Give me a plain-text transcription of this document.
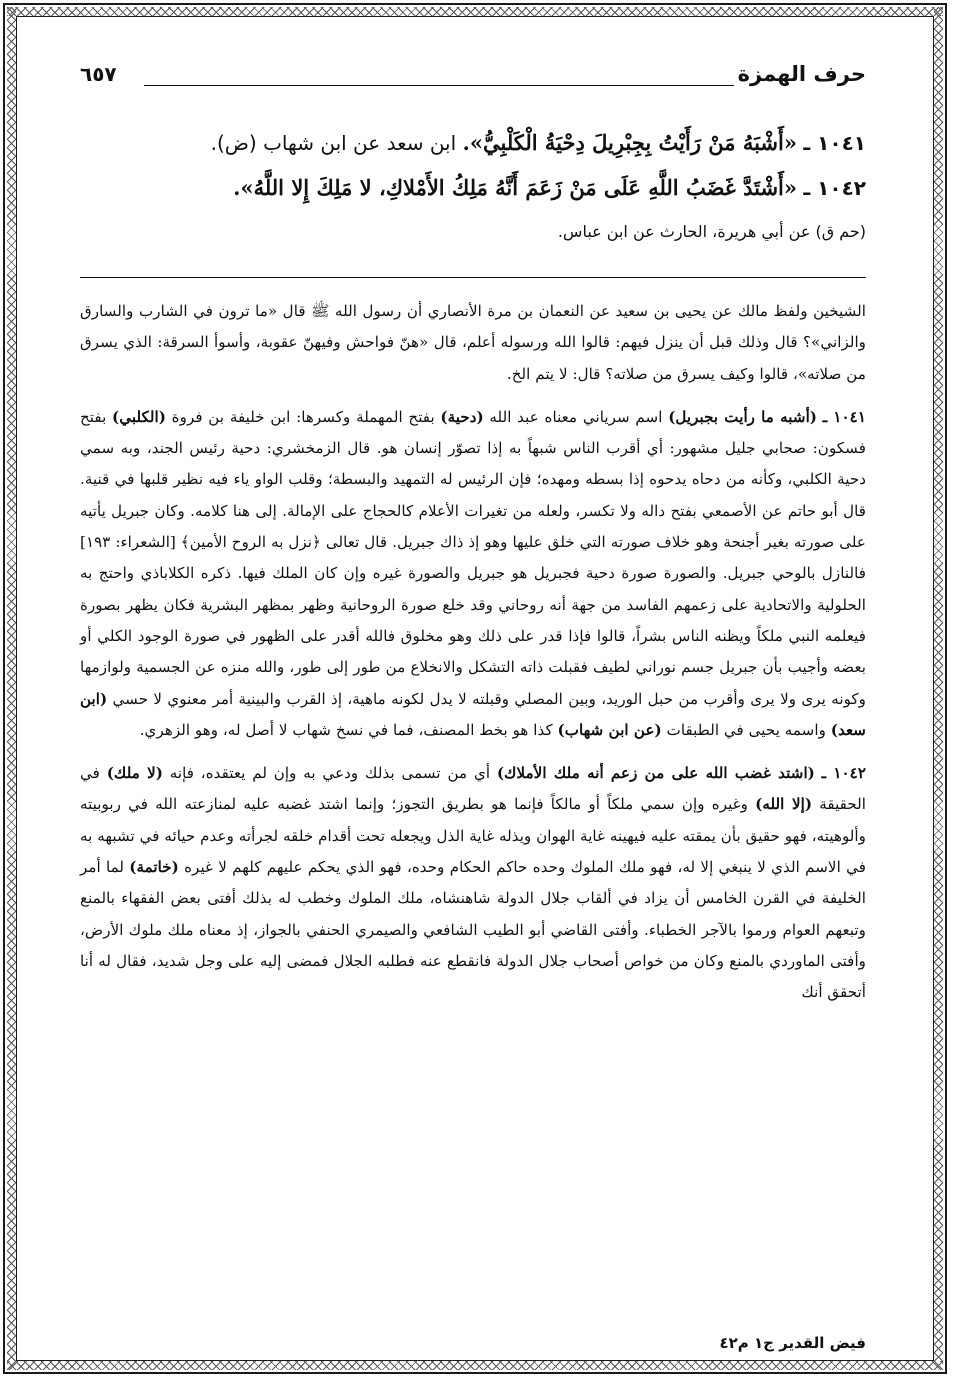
حرف الهمزة
٦٥٧
١٠٤١ ـ «أَشْبَهُ مَنْ رَأَيْتُ بِجِبْرِيلَ دِحْيَةُ الْكَلْبِيُّ». ابن سعد عن ابن شهاب (ض).
١٠٤٢ ـ «أَشْتَدَّ غَضَبُ اللَّهِ عَلَى مَنْ زَعَمَ أَنَّهُ مَلِكُ الأَمْلاكِ، لا مَلِكَ إِلا اللَّهُ».
(حم ق) عن أبي هريرة، الحارث عن ابن عباس.

الشيخين ولفظ مالك عن يحيى بن سعيد عن النعمان بن مرة الأنصاري أن رسول الله ﷺ قال «ما ترون في الشارب والسارق والزاني»؟ قال وذلك قبل أن ينزل فيهم: قالوا الله ورسوله أعلم، قال «هنّ فواحش وفيهنّ عقوبة، وأسوأ السرقة: الذي يسرق من صلاته»، قالوا وكيف يسرق من صلاته؟ قال: لا يتم الخ.

١٠٤١ ـ (أشبه ما رأيت بجبريل) اسم سرياني معناه عبد الله (دحية) بفتح المهملة وكسرها: ابن خليفة بن فروة (الكلبي) بفتح فسكون: صحابي جليل مشهور: أي أقرب الناس شبهاً به إذا تصوّر إنسان هو. قال الزمخشري: دحية رئيس الجند، وبه سمي دحية الكلبي، وكأنه من دحاه يدحوه إذا بسطه ومهده؛ فإن الرئيس له التمهيد والبسطة؛ وقلب الواو ياء فيه نظير قلبها في قنية. قال أبو حاتم عن الأصمعي بفتح داله ولا تكسر، ولعله من تغيرات الأعلام كالحجاج على الإمالة. إلى هنا كلامه. وكان جبريل يأتيه على صورته بغير أجنحة وهو خلاف صورته التي خلق عليها وهو إذ ذاك جبريل. قال تعالى ﴿نزل به الروح الأمين﴾ [الشعراء: ١٩٣] فالنازل بالوحي جبريل. والصورة صورة دحية فجبريل هو جبريل والصورة غيره وإن كان الملك فيها. ذكره الكلاباذي واحتج به الحلولية والاتحادية على زعمهم الفاسد من جهة أنه روحاني وقد خلع صورة الروحانية وظهر بمظهر البشرية فكان يظهر بصورة فيعلمه النبي ملكاً ويظنه الناس بشراً، قالوا فإذا قدر على ذلك وهو مخلوق فالله أقدر على الظهور في صورة الوجود الكلي أو بعضه وأجيب بأن جبريل جسم نوراني لطيف فقبلت ذاته التشكل والانخلاع من طور إلى طور، والله منزه عن الجسمية ولوازمها وكونه يرى ولا يرى وأقرب من حبل الوريد، وبين المصلي وقبلته لا يدل لكونه ماهية، إذ القرب والبينية أمر معنوي لا حسي (ابن سعد) واسمه يحيى في الطبقات (عن ابن شهاب) كذا هو بخط المصنف، فما في نسخ شهاب لا أصل له، وهو الزهري.

١٠٤٢ ـ (اشتد غضب الله على من زعم أنه ملك الأملاك) أي من تسمى بذلك ودعي به وإن لم يعتقده، فإنه (لا ملك) في الحقيقة (إلا الله) وغيره وإن سمي ملكاً أو مالكاً فإنما هو بطريق التجوز؛ وإنما اشتد غضبه عليه لمنازعته الله في ربوبيته وألوهيته، فهو حقيق بأن يمقته عليه فيهينه غاية الهوان ويذله غاية الذل ويجعله تحت أقدام خلقه لجرأته وعدم حيائه في تشبهه به في الاسم الذي لا ينبغي إلا له، فهو ملك الملوك وحده حاكم الحكام وحده، فهو الذي يحكم عليهم كلهم لا غيره (خاتمة) لما أمر الخليفة في القرن الخامس أن يزاد في ألقاب جلال الدولة شاهنشاه، ملك الملوك وخطب له بذلك أفتى بعض الفقهاء بالمنع وتبعهم العوام ورموا بالآجر الخطباء. وأفتى القاضي أبو الطيب الشافعي والصيمري الحنفي بالجواز، إذ معناه ملك ملوك الأرض، وأفتى الماوردي بالمنع وكان من خواص أصحاب جلال الدولة فانقطع عنه فطلبه الجلال فمضى إليه على وجل شديد، فقال له أنا أتحقق أنك

فيض القدير ج١ م٤٢
